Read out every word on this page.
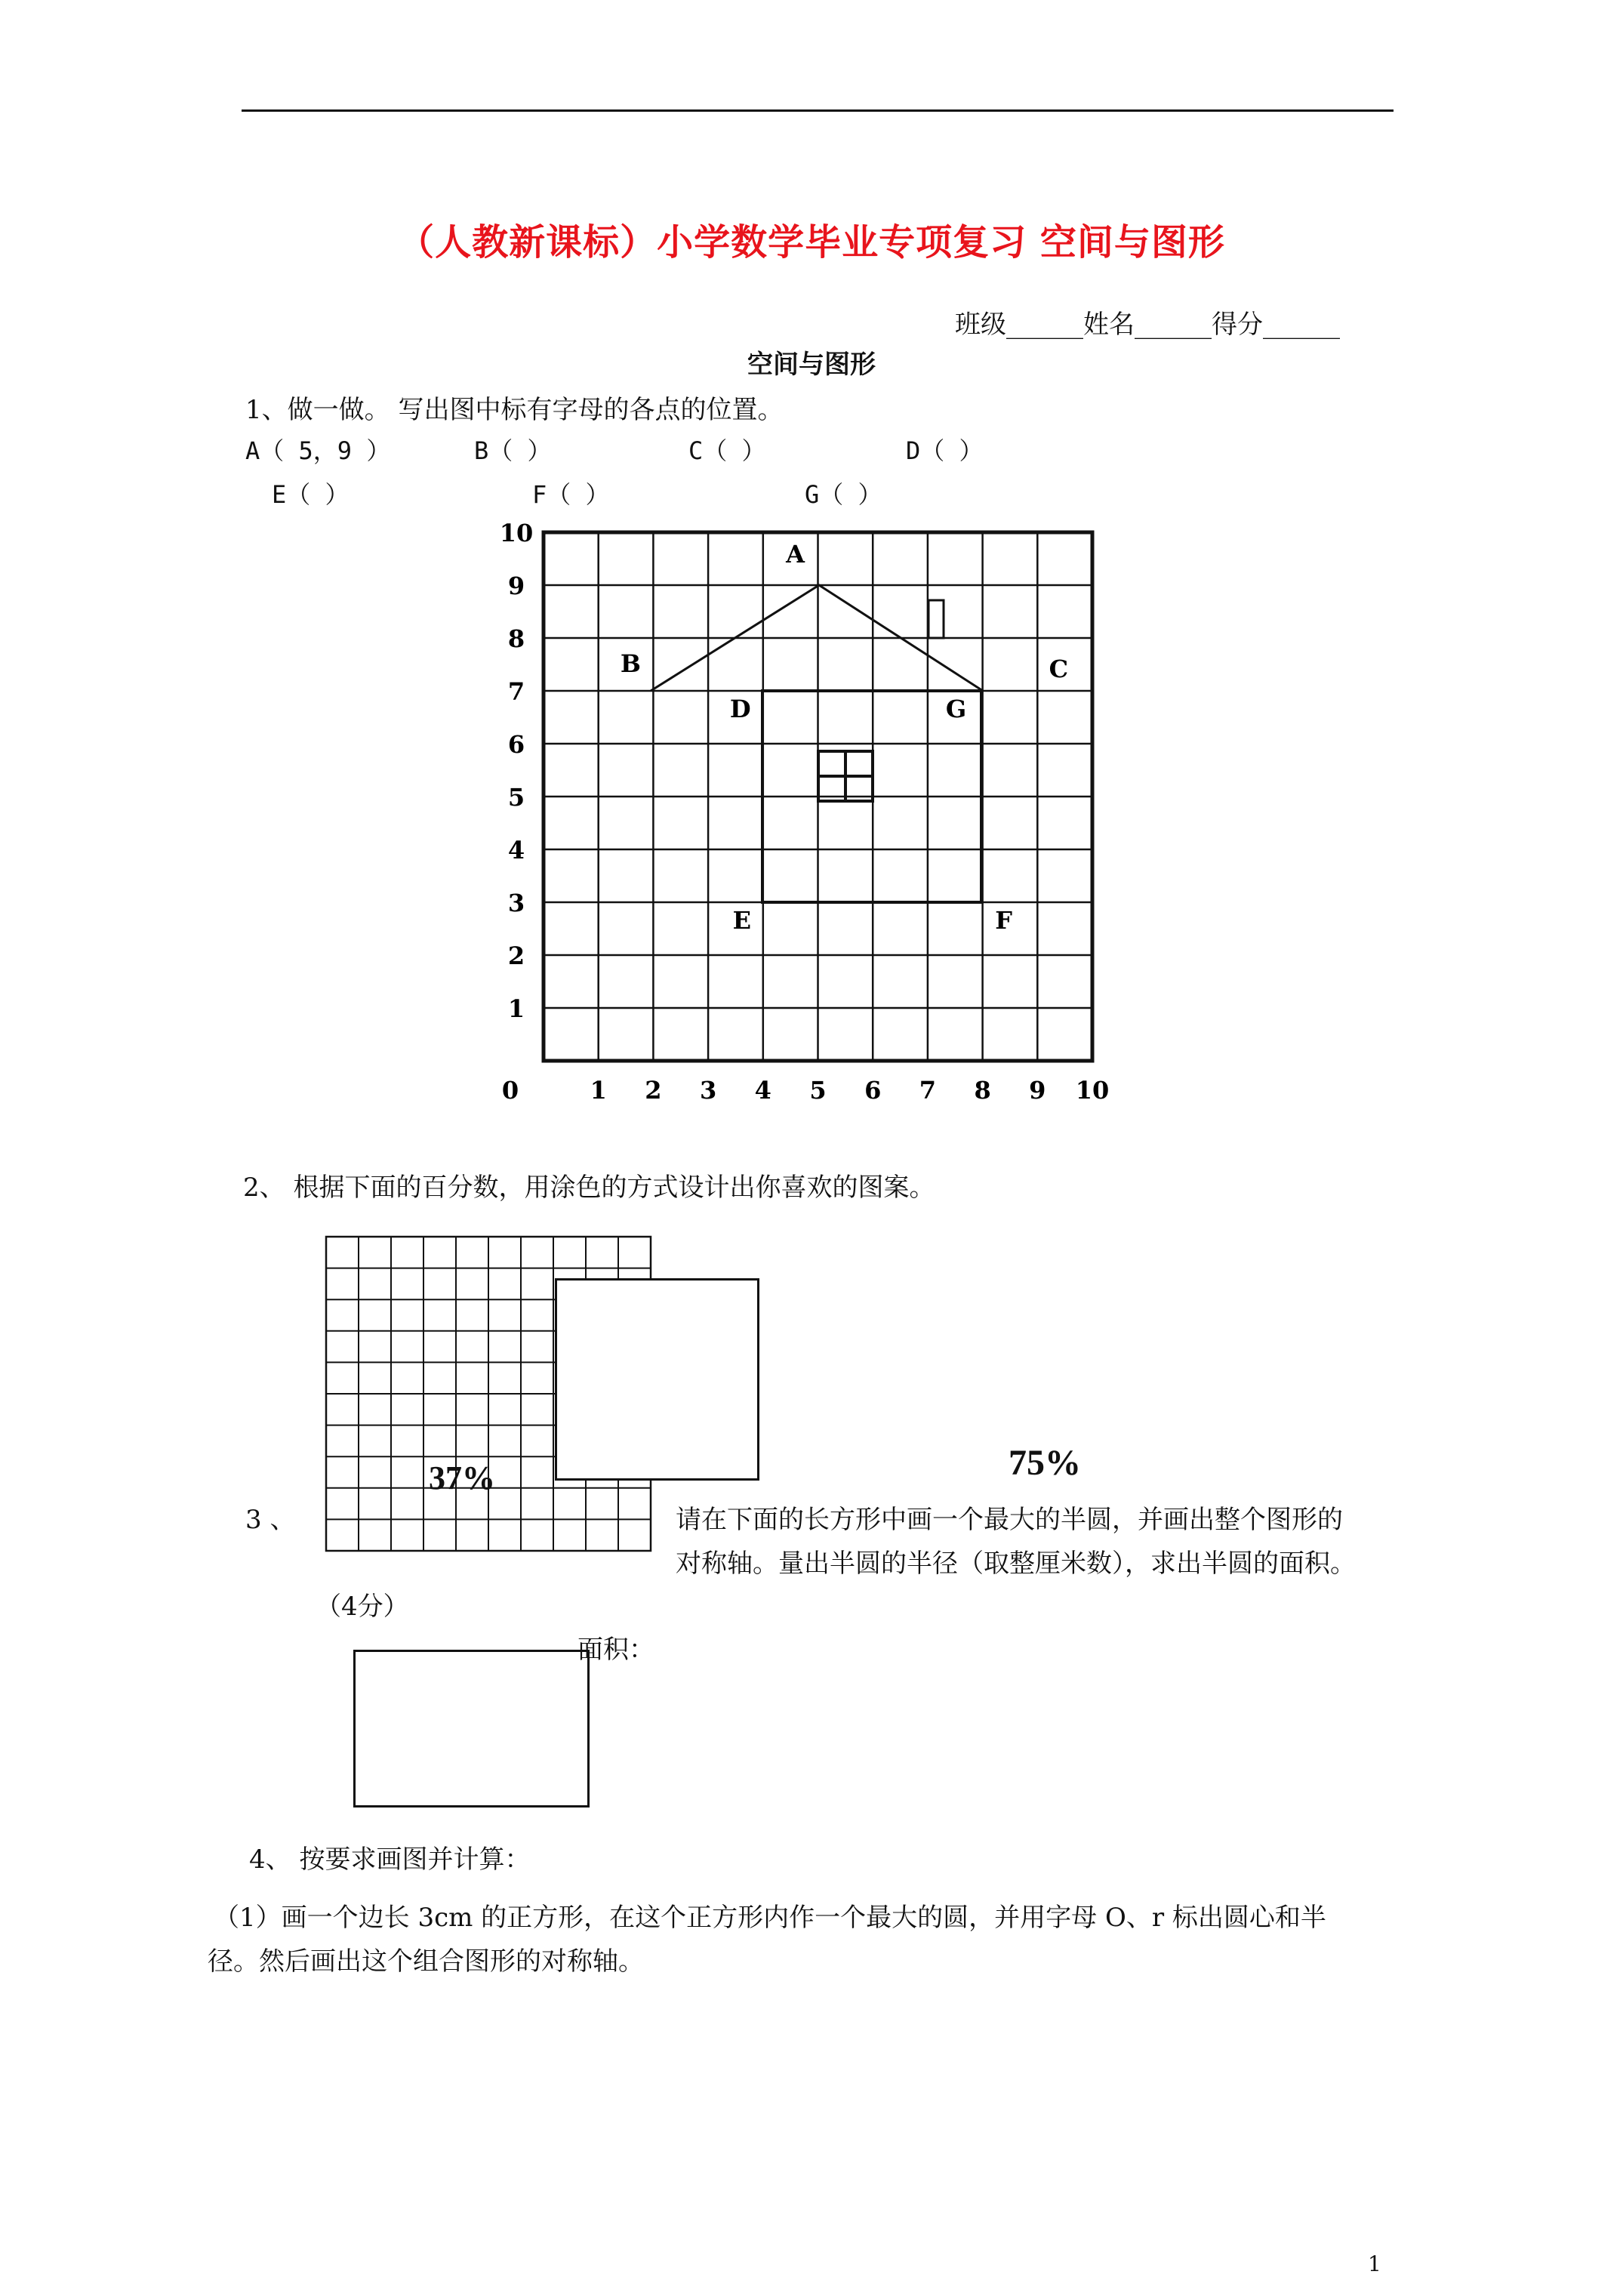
（人教新课标）小学数学毕业专项复习 空间与图形
班级______姓名______得分______
空间与图形
1、做一做。 写出图中标有字母的各点的位置。
A（ 5，9 ）	B（ ）	C（ ）	D（ ）
E（ ）	F（ ）	G（ ）
0	1 2 3 4 5 6 7 8 9 10
10
9
8
7
6
5
4
3
2
1
A
B	C
D	G
E	F
2、 根据下面的百分数，用涂色的方式设计出你喜欢的图案。
37%	75%
3 、	请在下面的长方形中画一个最大的半圆，并画出整个图形的
对称轴。量出半圆的半径（取整厘米数），求出半圆的面积。
（4分）
面积：
4、 按要求画图并计算：
（1）画一个边长 3cm 的正方形，在这个正方形内作一个最大的圆，并用字母 O、r 标出圆心和半
径。然后画出这个组合图形的对称轴。
1
